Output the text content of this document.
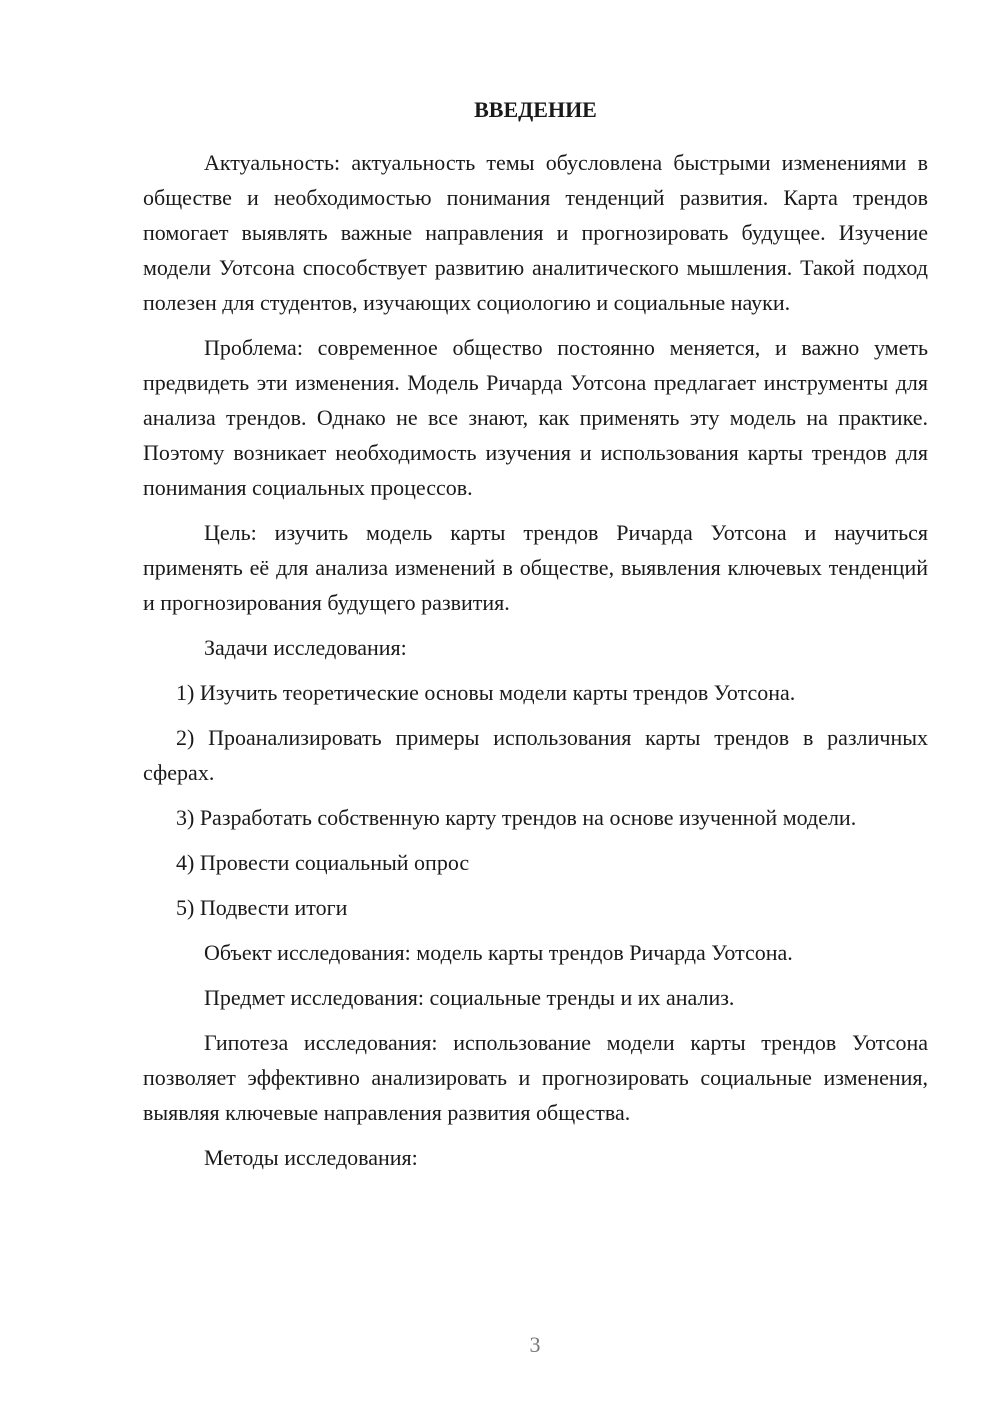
ВВЕДЕНИЕ

Актуальность: актуальность темы обусловлена быстрыми изменениями в обществе и необходимостью понимания тенденций развития. Карта трендов помогает выявлять важные направления и прогнозировать будущее. Изучение модели Уотсона способствует развитию аналитического мышления. Такой подход полезен для студентов, изучающих социологию и социальные науки.

Проблема: современное общество постоянно меняется, и важно уметь предвидеть эти изменения. Модель Ричарда Уотсона предлагает инструменты для анализа трендов. Однако не все знают, как применять эту модель на практике. Поэтому возникает необходимость изучения и использования карты трендов для понимания социальных процессов.

Цель: изучить модель карты трендов Ричарда Уотсона и научиться применять её для анализа изменений в обществе, выявления ключевых тенденций и прогнозирования будущего развития.

Задачи исследования:

1) Изучить теоретические основы модели карты трендов Уотсона.

2) Проанализировать примеры использования карты трендов в различных сферах.

3) Разработать собственную карту трендов на основе изученной модели.

4) Провести социальный опрос

5) Подвести итоги

Объект исследования: модель карты трендов Ричарда Уотсона.

Предмет исследования: социальные тренды и их анализ.

Гипотеза исследования: использование модели карты трендов Уотсона позволяет эффективно анализировать и прогнозировать социальные изменения, выявляя ключевые направления развития общества.

Методы исследования:

3
